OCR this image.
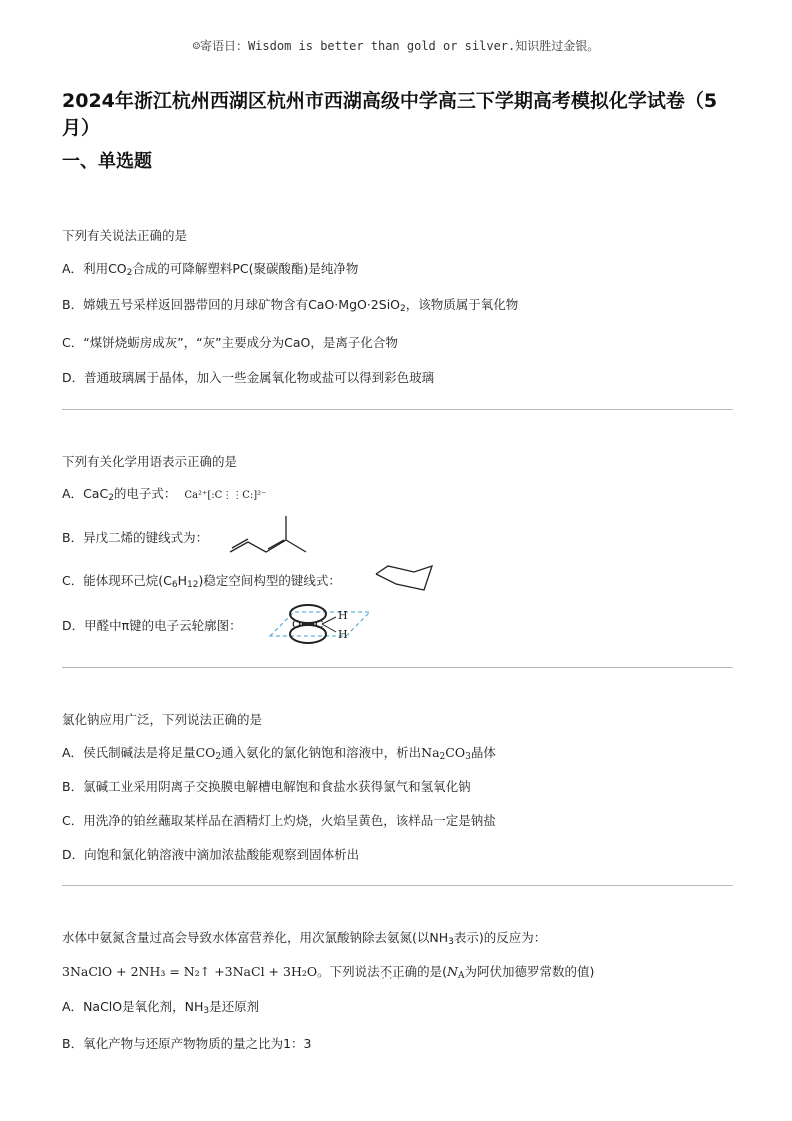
☺寄语日：Wisdom is better than gold or silver.知识胜过金银。
2024年浙江杭州西湖区杭州市西湖高级中学高三下学期高考模拟化学试卷（5月）
一、单选题
下列有关说法正确的是
A．利用$CO_2$合成的可降解塑料PC(聚碳酸酯)是纯净物
B．嫦娥五号采样返回器带回的月球矿物含有CaO·MgO·2SiO$_2$，该物质属于氧化物
C．“煤饼烧蛎房成灰”，“灰”主要成分为CaO，是离子化合物
D．普通玻璃属于晶体，加入一些金属氧化物或盐可以得到彩色玻璃
下列有关化学用语表示正确的是
A．CaC$_2$的电子式： Ca²⁺[:C⋮⋮C:]²⁻
B．异戊二烯的键线式为：
C．能体现环己烷$(C_6H_{12})$稳定空间构型的键线式：
D．甲醛中π键的电子云轮廓图：	O C
H
H
氯化钠应用广泛，下列说法正确的是
A．侯氏制碱法是将足量$CO_2$通入氨化的氯化钠饱和溶液中，析出$Na_2CO_3$晶体
B．氯碱工业采用阴离子交换膜电解槽电解饱和食盐水获得氯气和氢氧化钠
C．用洗净的铂丝蘸取某样品在酒精灯上灼烧，火焰呈黄色，该样品一定是钠盐
D．向饱和氯化钠溶液中滴加浓盐酸能观察到固体析出
水体中氨氮含量过高会导致水体富营养化，用次氯酸钠除去氨氮(以$NH_3$表示)的反应为：
3NaClO + 2NH₃ = N₂↑ +3NaCl + 3H₂O。下列说法不正确 · · ·的是($N_A$为阿伏加德罗常数的值)
A．NaClO是氧化剂，$NH_3$是还原剂
B．氧化产物与还原产物物质的量之比为1：3
